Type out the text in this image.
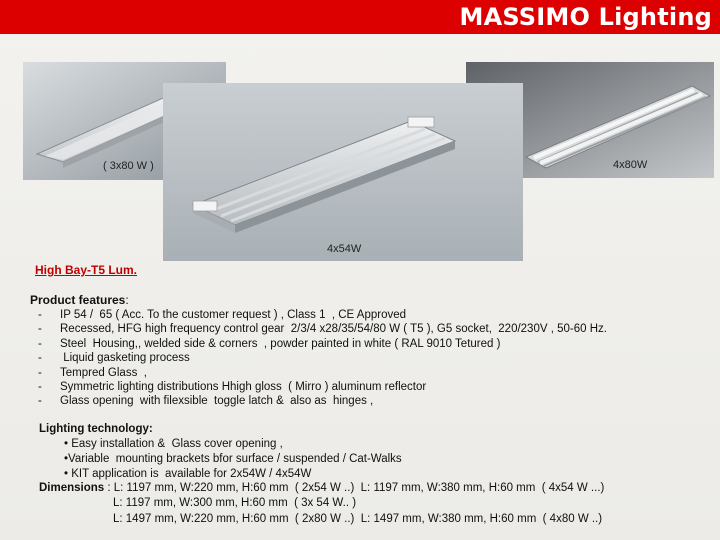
MASSIMO Lighting
( 3x80 W )	4x80W
4x54W
High Bay-T5 Lum.
Product features:
- IP 54 /  65 ( Acc. To the customer request ) , Class 1  , CE Approved
- Recessed, HFG high frequency control gear  2/3/4 x28/35/54/80 W ( T5 ), G5 socket,  220/230V , 50-60 Hz.
- Steel  Housing,, welded side & corners  , powder painted in white ( RAL 9010 Tetured )
- Liquid gasketing process
- Tempred Glass  ,
- Symmetric lighting distributions Hhigh gloss  ( Mirro ) aluminum reflector
- Glass opening  with filexsible  toggle latch &  also as  hinges ,
Lighting technology:
• Easy installation &  Glass cover opening ,
•Variable  mounting brackets bfor surface / suspended / Cat-Walks
• KIT application is  available for 2x54W / 4x54W
Dimensions : L: 1197 mm, W:220 mm, H:60 mm  ( 2x54 W ..)  L: 1197 mm, W:380 mm, H:60 mm  ( 4x54 W ...)
L: 1197 mm, W:300 mm, H:60 mm  ( 3x 54 W.. )
L: 1497 mm, W:220 mm, H:60 mm  ( 2x80 W ..)  L: 1497 mm, W:380 mm, H:60 mm  ( 4x80 W ..)
